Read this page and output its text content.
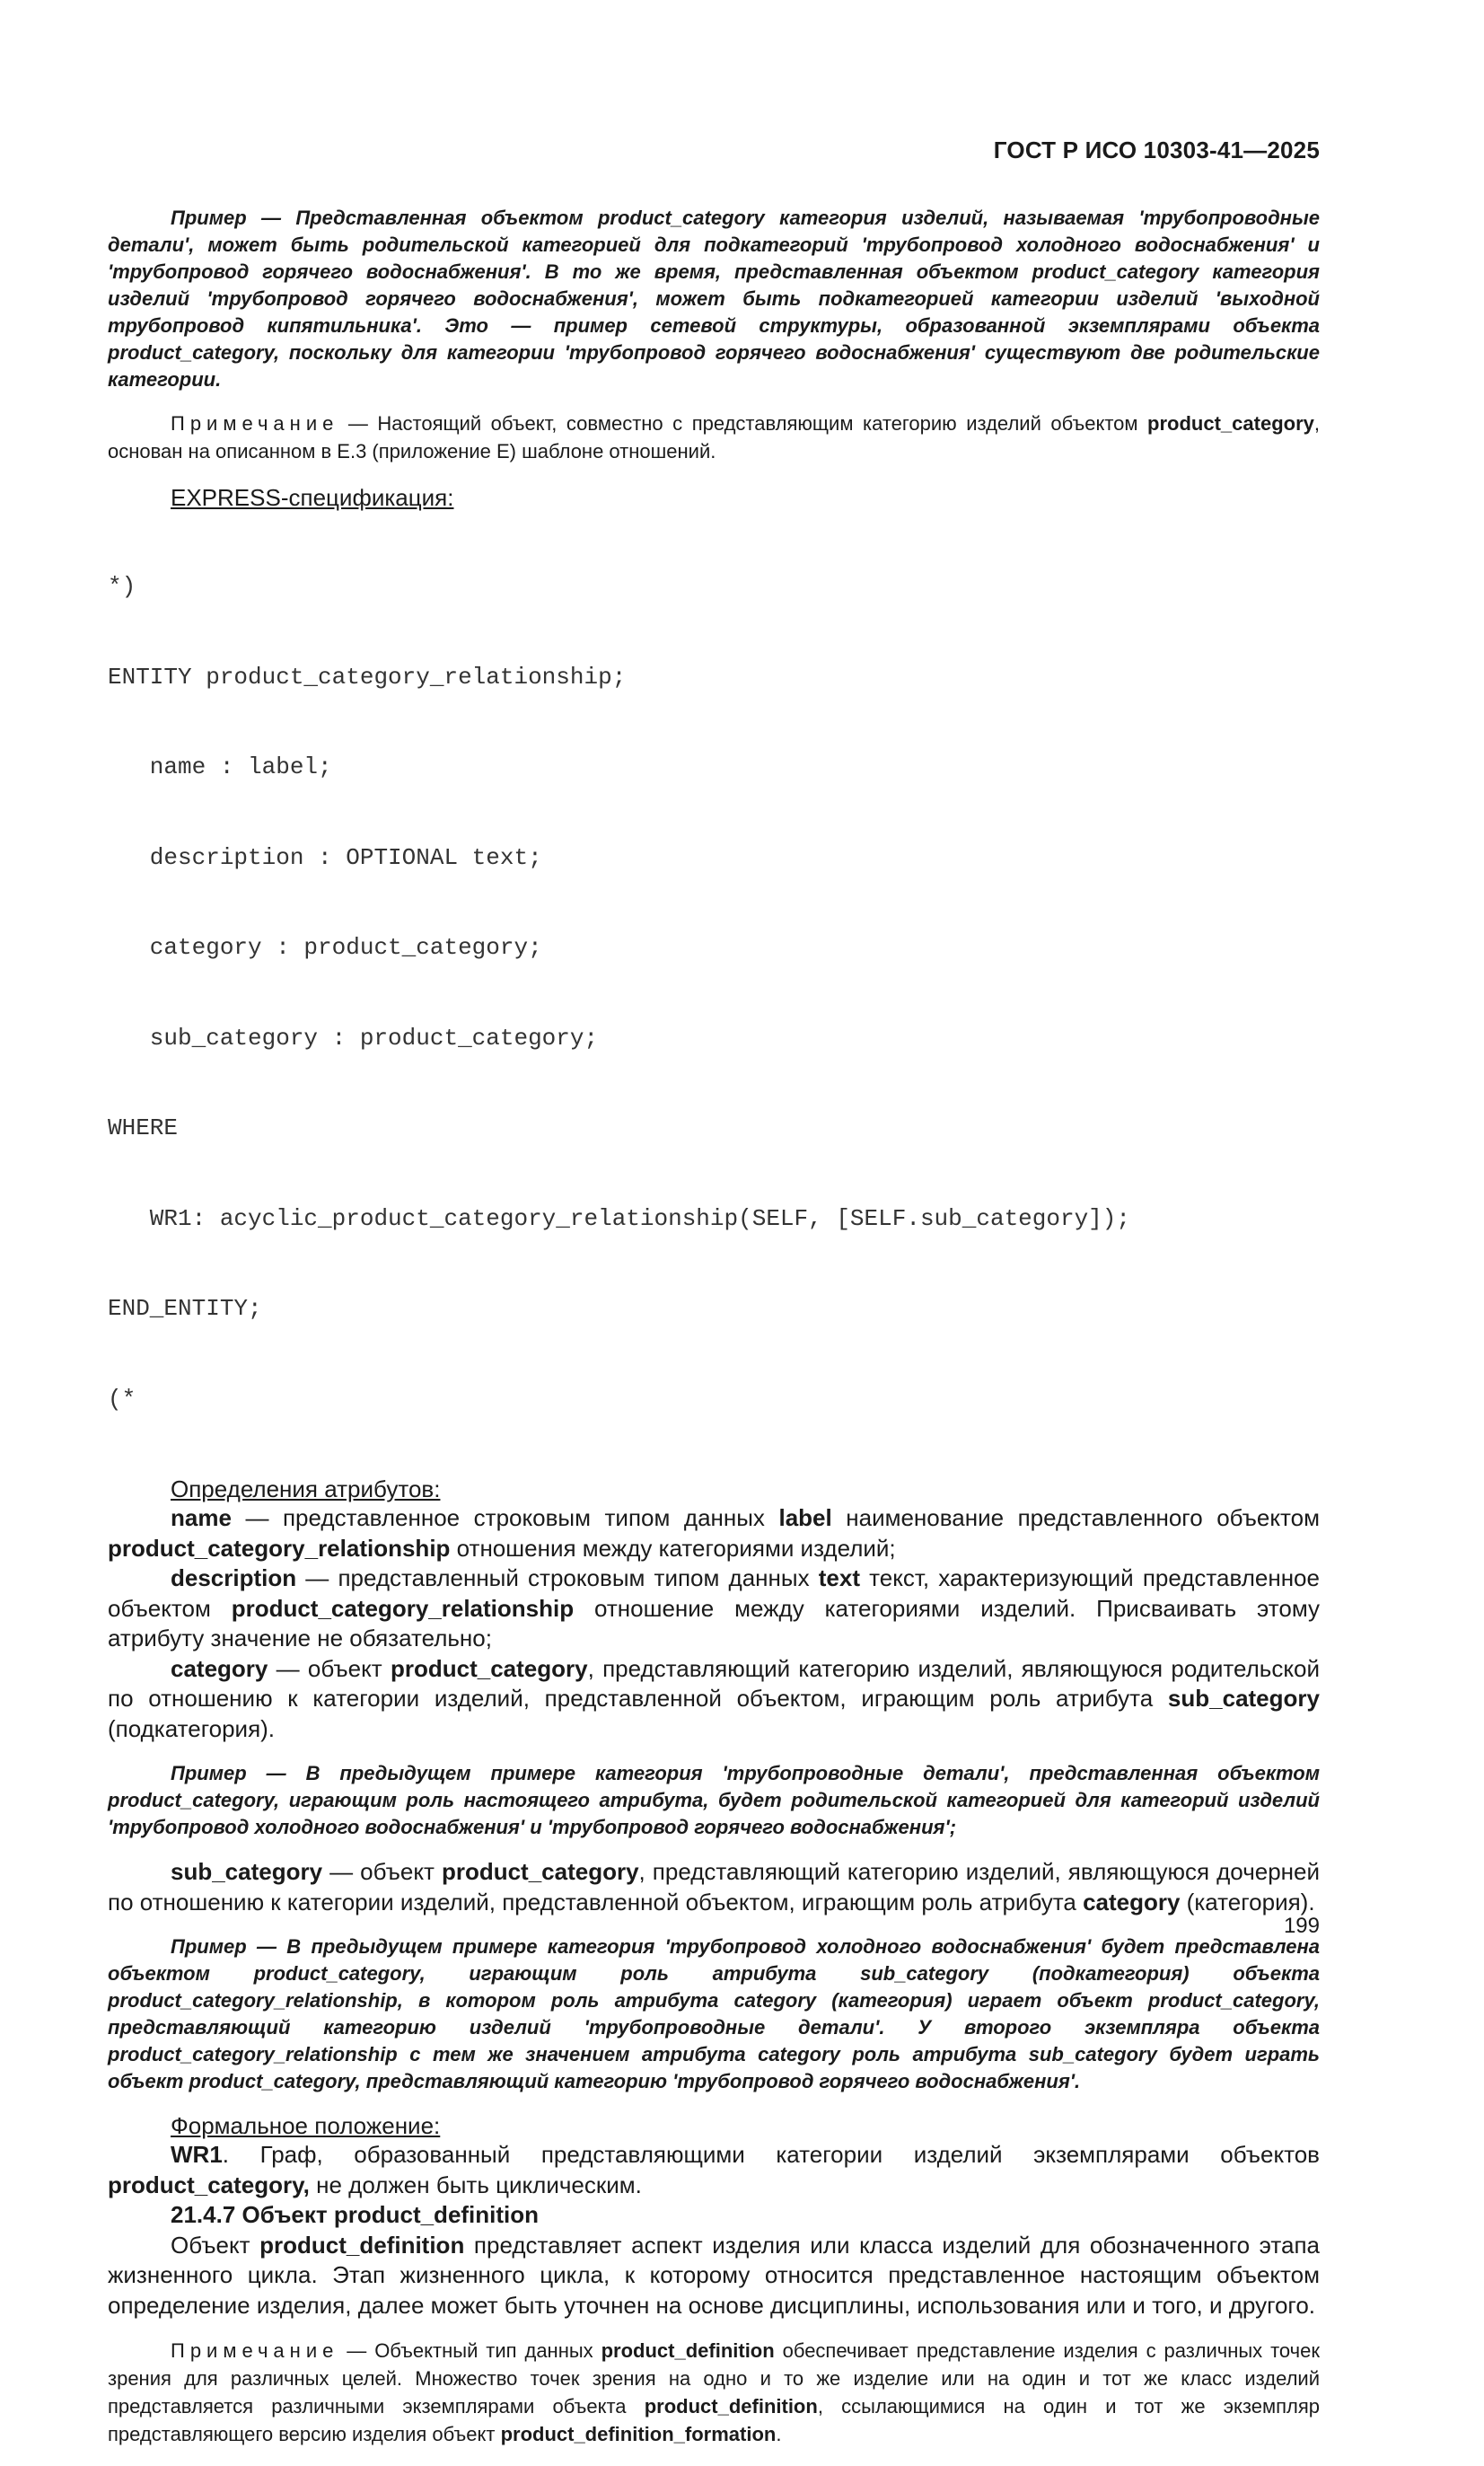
ГОСТ Р ИСО 10303-41—2025

Пример — Представленная объектом product_category категория изделий, называемая 'трубопроводные детали', может быть родительской категорией для подкатегорий 'трубопровод холодного водоснабжения' и 'трубопровод горячего водоснабжения'. В то же время, представленная объектом product_category категория изделий 'трубопровод горячего водоснабжения', может быть подкатегорией категории изделий 'выходной трубопровод кипятильника'. Это — пример сетевой структуры, образованной экземплярами объекта product_category, поскольку для категории 'трубопровод горячего водоснабжения' существуют две родительские категории.

Примечание — Настоящий объект, совместно с представляющим категорию изделий объектом product_category, основан на описанном в Е.3 (приложение Е) шаблоне отношений.

EXPRESS-спецификация:

*)

ENTITY product_category_relationship;

name : label;

description : OPTIONAL text;

category : product_category;

sub_category : product_category;

WHERE

WR1: acyclic_product_category_relationship(SELF, [SELF.sub_category]);

END_ENTITY;

(*

Определения атрибутов:

name — представленное строковым типом данных label наименование представленного объектом product_category_relationship отношения между категориями изделий;

description — представленный строковым типом данных text текст, характеризующий представленное объектом product_category_relationship отношение между категориями изделий. Присваивать этому атрибуту значение не обязательно;

category — объект product_category, представляющий категорию изделий, являющуюся родительской по отношению к категории изделий, представленной объектом, играющим роль атрибута sub_category (подкатегория).

Пример — В предыдущем примере категория 'трубопроводные детали', представленная объектом product_category, играющим роль настоящего атрибута, будет родительской категорией для категорий изделий 'трубопровод холодного водоснабжения' и 'трубопровод горячего водоснабжения';

sub_category — объект product_category, представляющий категорию изделий, являющуюся дочерней по отношению к категории изделий, представленной объектом, играющим роль атрибута category (категория).

Пример — В предыдущем примере категория 'трубопровод холодного водоснабжения' будет представлена объектом product_category, играющим роль атрибута sub_category (подкатегория) объекта product_category_relationship, в котором роль атрибута category (категория) играет объект product_category, представляющий категорию изделий 'трубопроводные детали'. У второго экземпляра объекта product_category_relationship с тем же значением атрибута category роль атрибута sub_category будет играть объект product_category, представляющий категорию 'трубопровод горячего водоснабжения'.

Формальное положение:

WR1. Граф, образованный представляющими категории изделий экземплярами объектов product_category, не должен быть циклическим.

21.4.7 Объект product_definition

Объект product_definition представляет аспект изделия или класса изделий для обозначенного этапа жизненного цикла. Этап жизненного цикла, к которому относится представленное настоящим объектом определение изделия, далее может быть уточнен на основе дисциплины, использования или и того, и другого.

Примечание — Объектный тип данных product_definition обеспечивает представление изделия с различных точек зрения для различных целей. Множество точек зрения на одно и то же изделие или на один и тот же класс изделий представляется различными экземплярами объекта product_definition, ссылающимися на один и тот же экземпляр представляющего версию изделия объект product_definition_formation.

199
